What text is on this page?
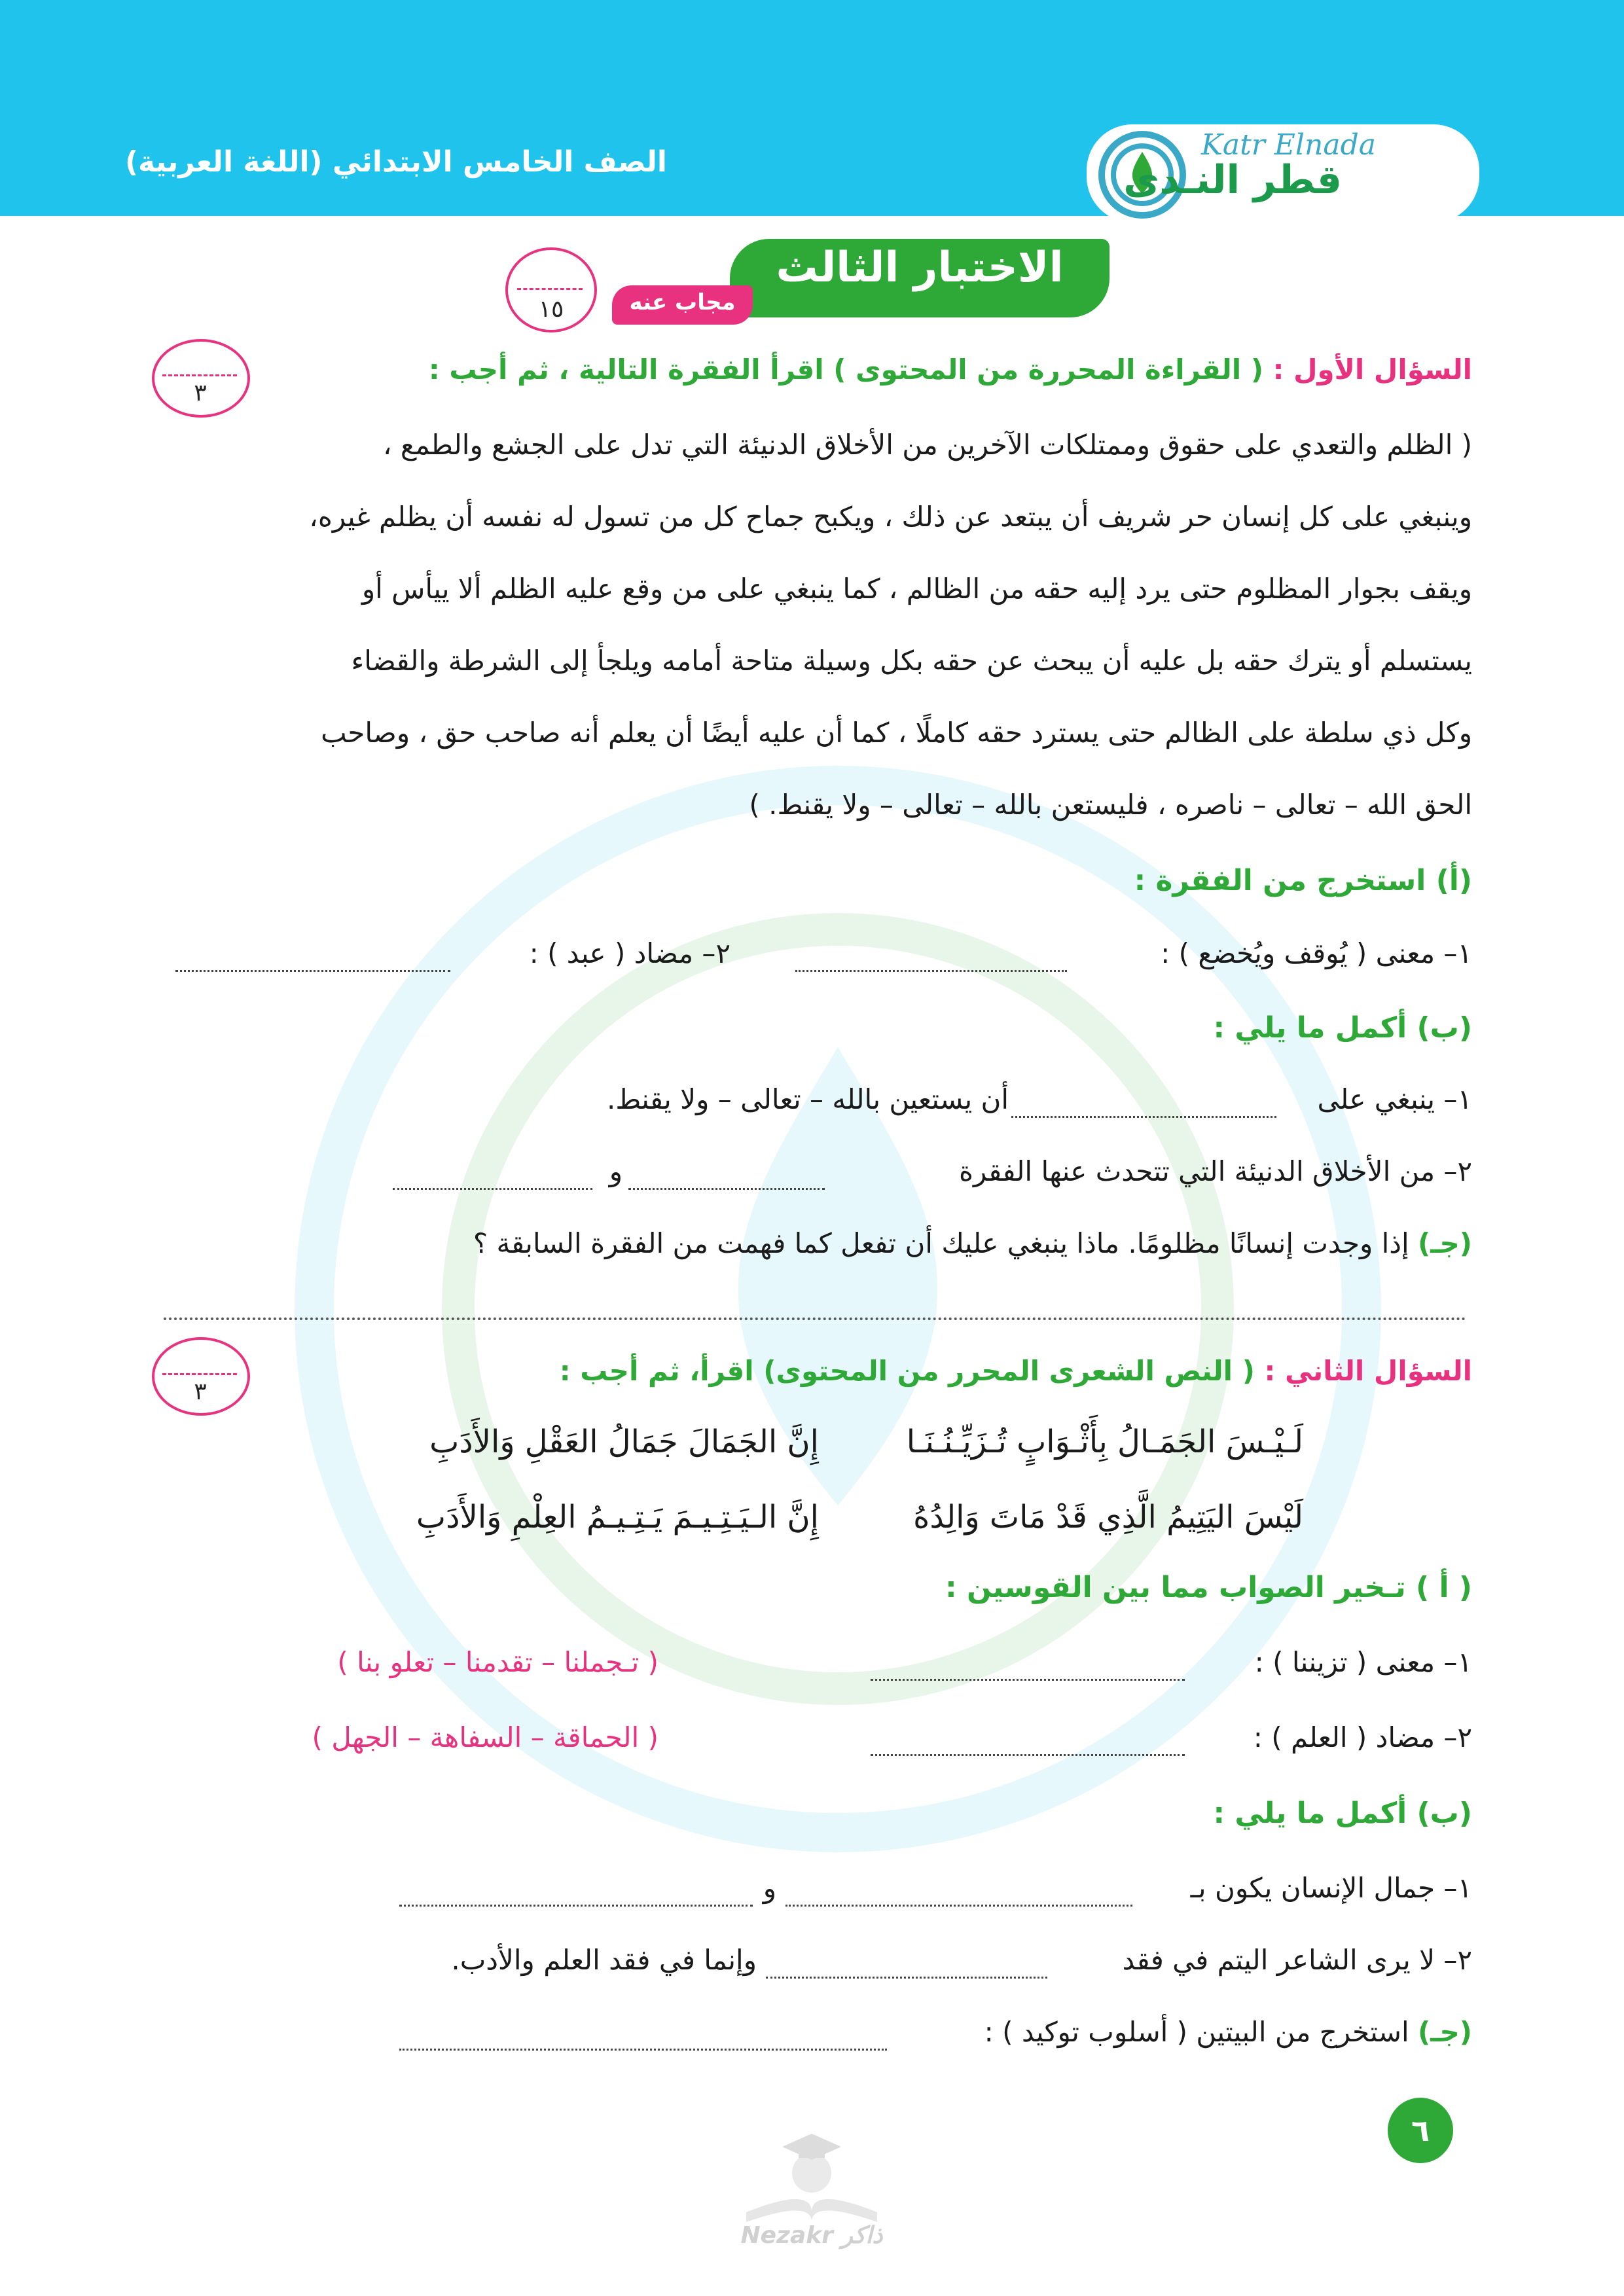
الصف الخامس الابتدائي (اللغة العربية)
Katr Elnada
قطر النـدى
الاختبار الثالث
مجاب عنه
١٥
٣
السؤال الأول : ( القراءة المحررة من المحتوى ) اقرأ الفقرة التالية ، ثم أجب :
( الظلم والتعدي على حقوق وممتلكات الآخرين من الأخلاق الدنيئة التي تدل على الجشع والطمع ،
وينبغي على كل إنسان حر شريف أن يبتعد عن ذلك ، ويكبح جماح كل من تسول له نفسه أن يظلم غيره،
ويقف بجوار المظلوم حتى يرد إليه حقه من الظالم ، كما ينبغي على من وقع عليه الظلم ألا ييأس أو
يستسلم أو يترك حقه بل عليه أن يبحث عن حقه بكل وسيلة متاحة أمامه ويلجأ إلى الشرطة والقضاء
وكل ذي سلطة على الظالم حتى يسترد حقه كاملًا ، كما أن عليه أيضًا أن يعلم أنه صاحب حق ، وصاحب
الحق الله – تعالى – ناصره ، فليستعن بالله – تعالى – ولا يقنط. )
(أ) استخرج من الفقرة :
١– معنى ( يُوقف ويُخضع ) :
٢– مضاد ( عبد ) :
(ب) أكمل ما يلي :
١– ينبغي على
أن يستعين بالله – تعالى – ولا يقنط.
٢– من الأخلاق الدنيئة التي تتحدث عنها الفقرة
و
(جـ) إذا وجدت إنسانًا مظلومًا. ماذا ينبغي عليك أن تفعل كما فهمت من الفقرة السابقة ؟
٣
السؤال الثاني : ( النص الشعرى المحرر من المحتوى) اقرأ، ثم أجب :
لَـيْـسَ الجَمَـالُ بِأَثْـوَابٍ تُـزَيِّـنُـنَـا
إِنَّ الجَمَالَ جَمَالُ العَقْلِ وَالأَدَبِ
لَيْسَ اليَتِيمُ الَّذِي قَدْ مَاتَ وَالِدُهُ
إِنَّ الـيَـتِـيـمَ يَـتِـيـمُ العِلْمِ وَالأَدَبِ
( أ ) تـخير الصواب مما بين القوسين :
١– معنى ( تزيننا ) :
( تـجملنا – تقدمنا – تعلو بنا )
٢– مضاد ( العلم ) :
( الحماقة – السفاهة – الجهل )
(ب) أكمل ما يلي :
١– جمال الإنسان يكون بـ
و
٢– لا يرى الشاعر اليتم في فقد
وإنما في فقد العلم والأدب.
(جـ) استخرج من البيتين ( أسلوب توكيد ) :
٦
Nezakr ذاكر
